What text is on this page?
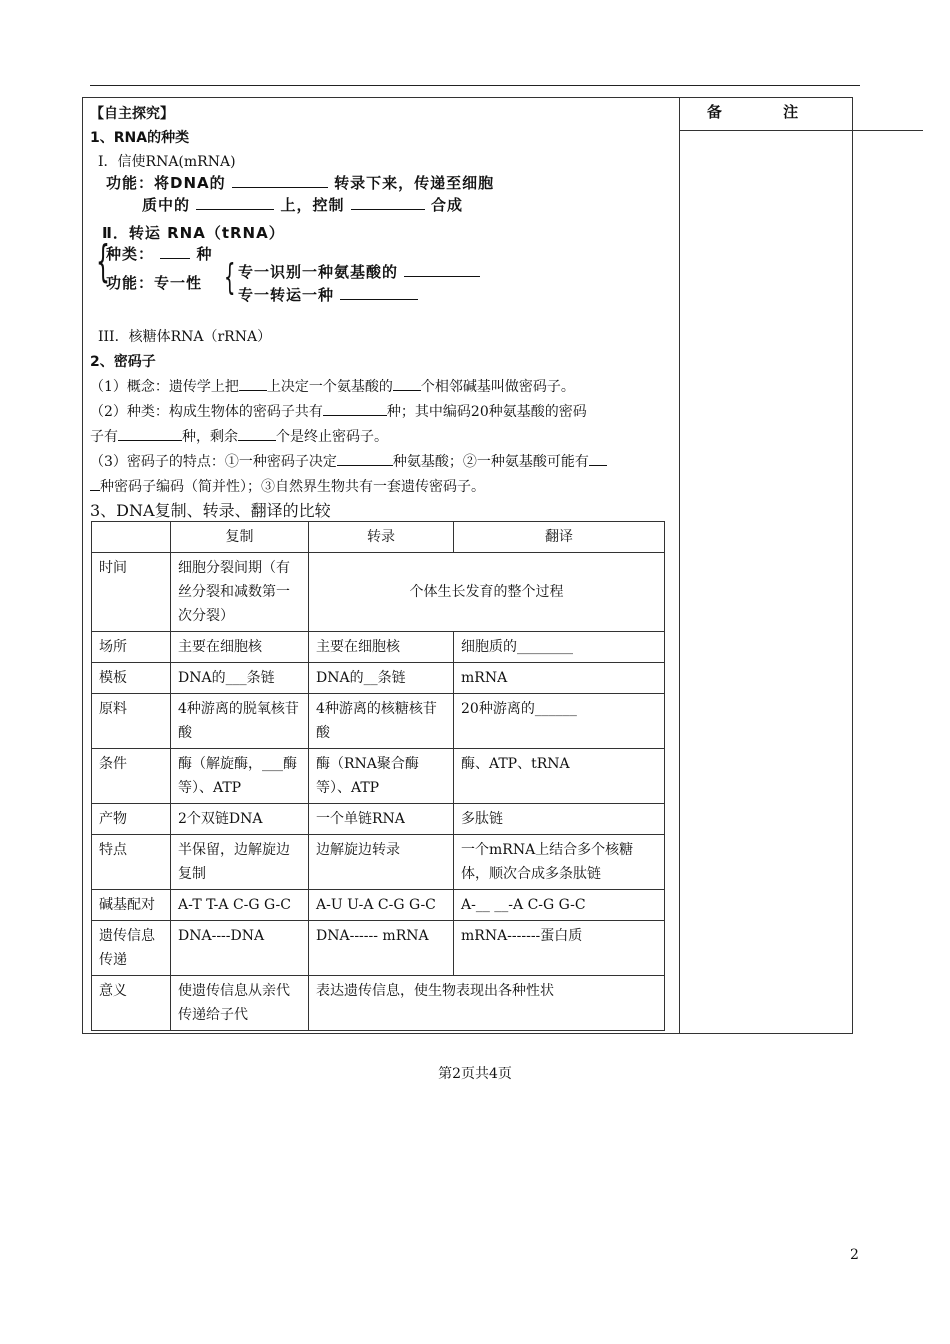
备 注
【自主探究】
1、RNA的种类
I．信使RNA(mRNA)
功能：将DNA的	转录下来，传递至细胞
质中的	上，控制	合成
Ⅱ．转运 RNA（tRNA）
{
种类：	种
功能：专一性 { 专一识别一种氨基酸的
专一转运一种
III．核糖体RNA（rRNA）
2、密码子
（1）概念：遗传学上把 上决定一个氨基酸的 个相邻碱基叫做密码子。
（2）种类：构成生物体的密码子共有	种；其中编码20种氨基酸的密码
子有	种，剩余	个是终止密码子。
（3）密码子的特点：①一种密码子决定	种氨基酸；②一种氨基酸可能有
种密码子编码（简并性）；③自然界生物共有一套遗传密码子。
3、DNA复制、转录、翻译的比较
	复制	转录	翻译
时间	细胞分裂间期（有丝分裂和减数第一次分裂）	个体生长发育的整个过程	
场所	主要在细胞核	主要在细胞核	细胞质的________
模板	DNA的___条链	DNA的__条链	mRNA
原料	4种游离的脱氧核苷酸	4种游离的核糖核苷酸	20种游离的______
条件	酶（解旋酶，___酶等）、ATP	酶（RNA聚合酶等）、ATP	酶、ATP、tRNA
产物	2个双链DNA	一个单链RNA	多肽链
特点	半保留，边解旋边复制	边解旋边转录	一个mRNA上结合多个核糖体，顺次合成多条肽链
碱基配对	A-T T-A C-G G-C	A-U U-A C-G G-C	A-__ __-A C-G G-C
遗传信息传递	DNA----DNA	DNA------ mRNA	mRNA-------蛋白质
意义	使遗传信息从亲代传递给子代	表达遗传信息，使生物表现出各种性状	
第2页共4页
2
